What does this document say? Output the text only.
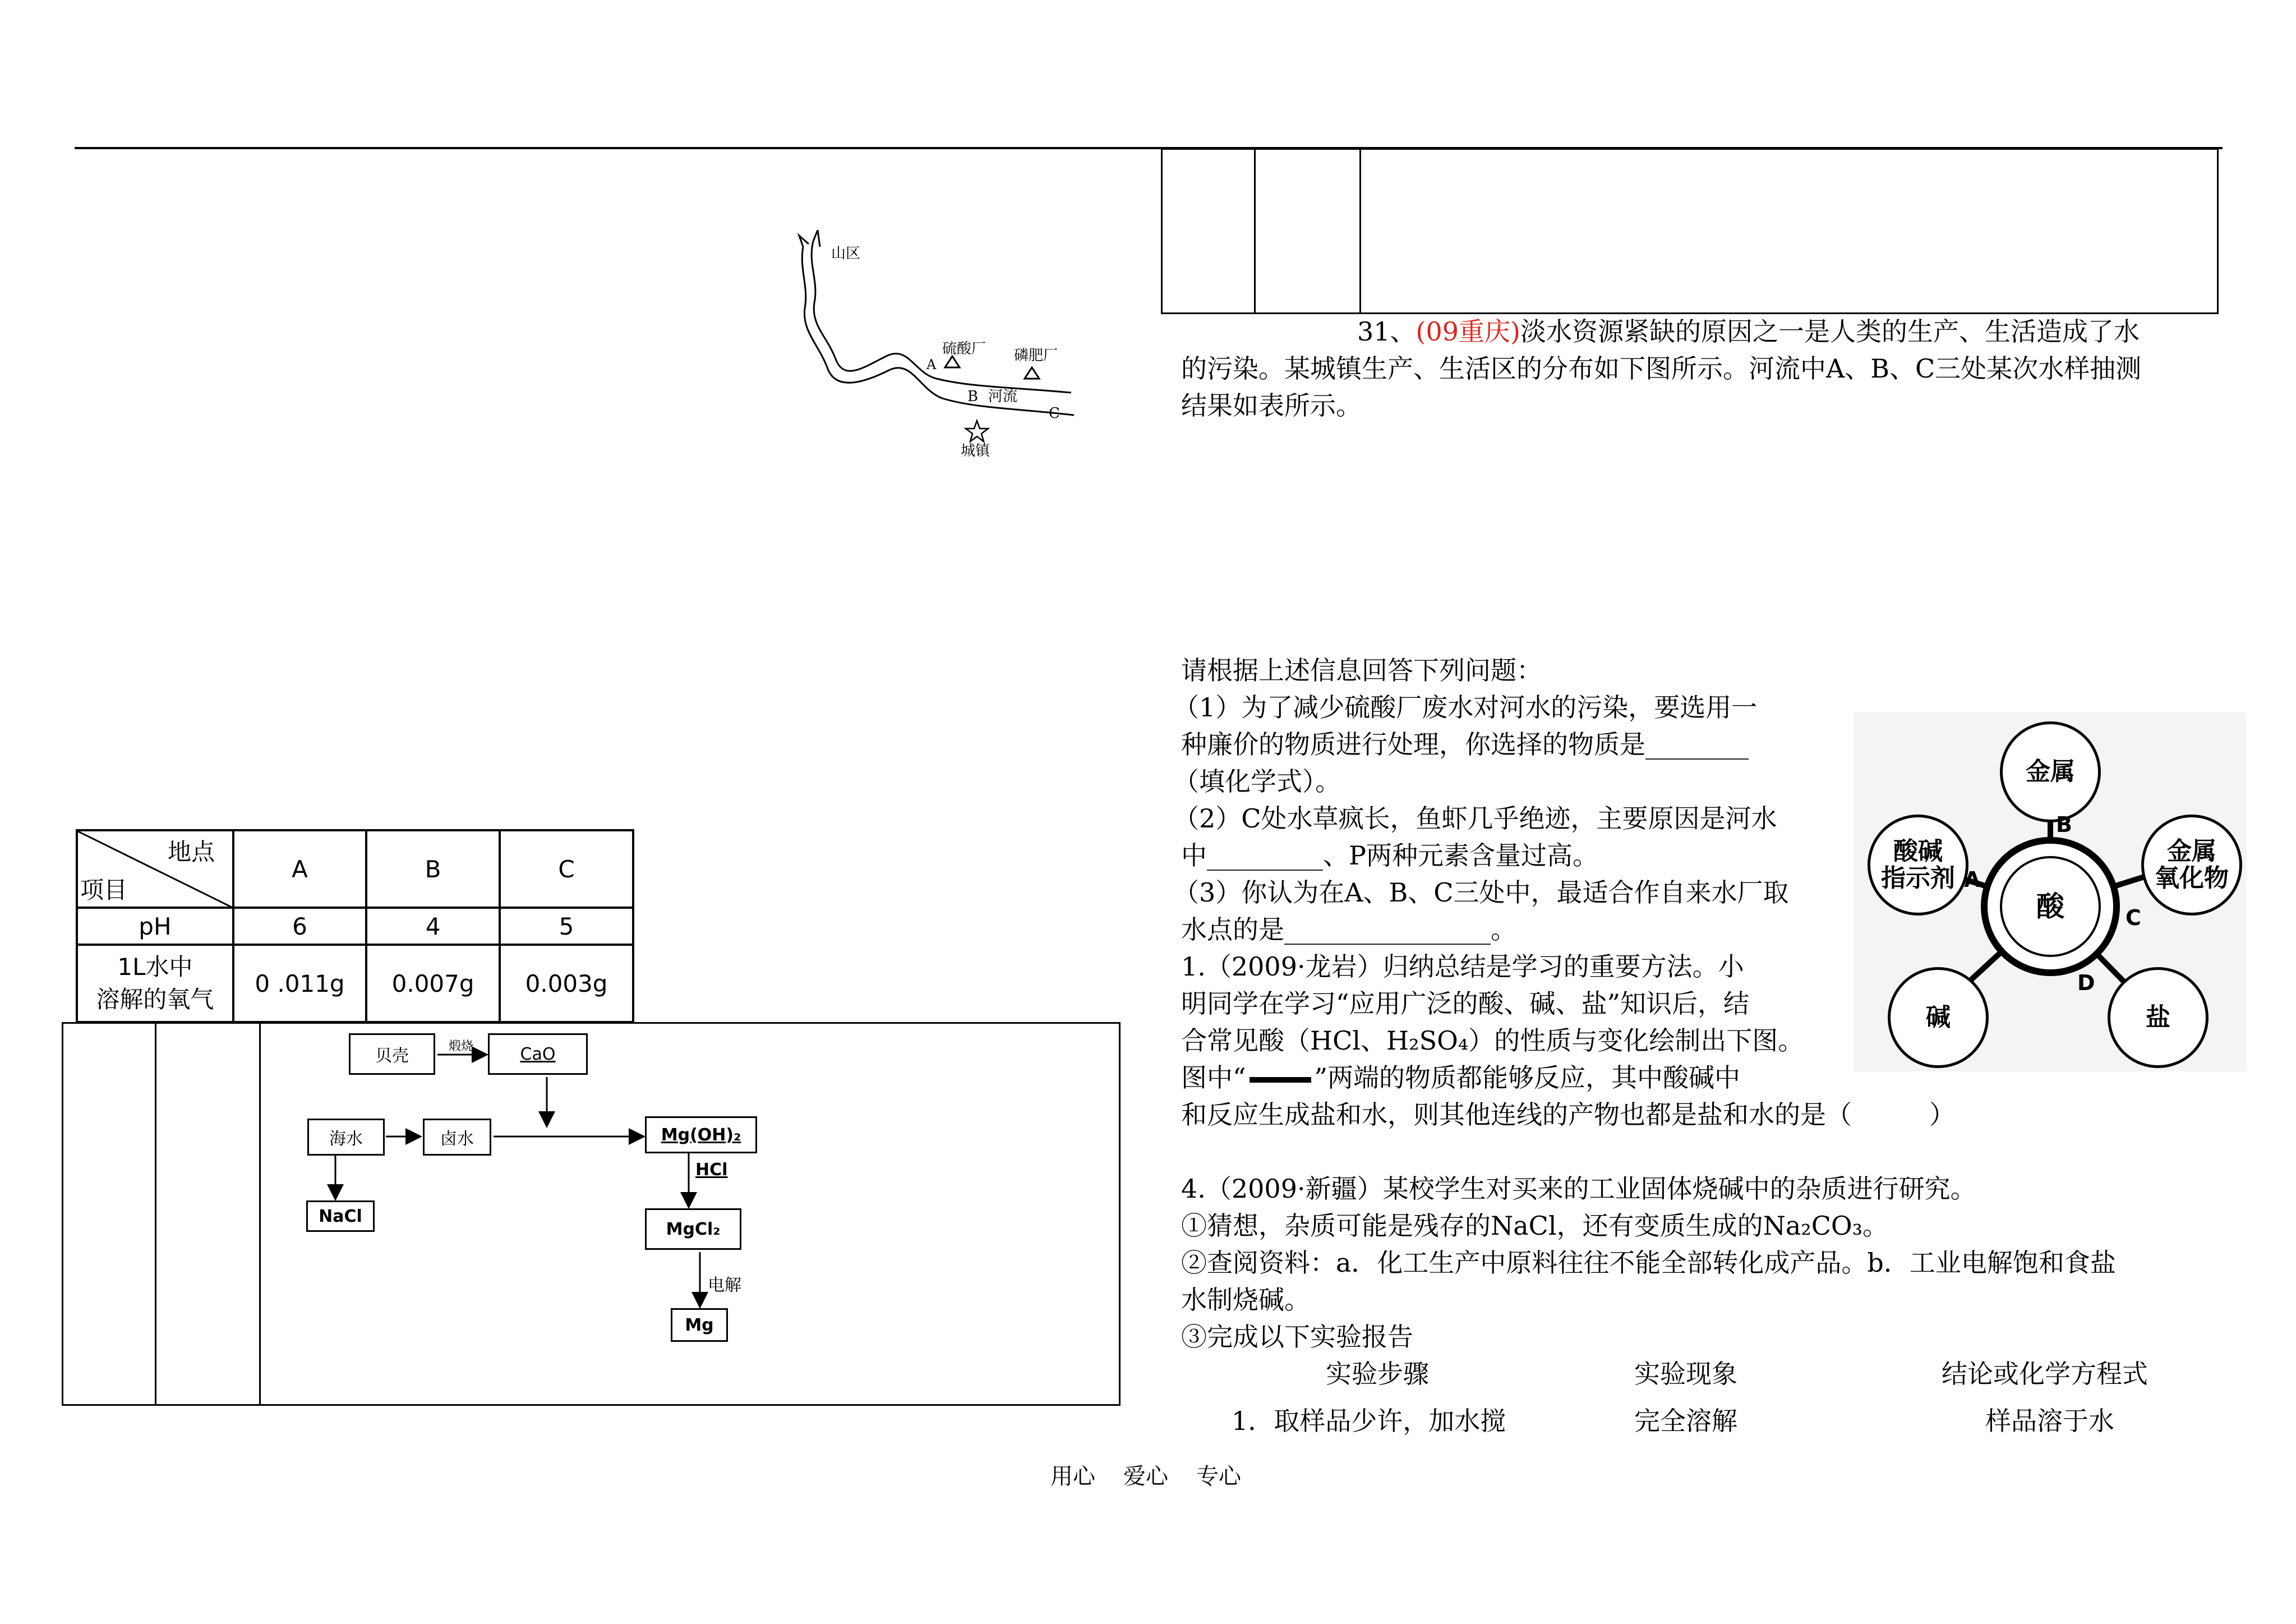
31、(09重庆)淡水资源紧缺的原因之一是人类的生产、生活造成了水
的污染。某城镇生产、生活区的分布如下图所示。河流中A、B、C三处某次水样抽测
结果如表所示。
请根据上述信息回答下列问题：
（1）为了减少硫酸厂废水对河水的污染，要选用一
种廉价的物质进行处理，你选择的物质是________
（填化学式）。
（2）C处水草疯长，鱼虾几乎绝迹，主要原因是河水
中_________、P两种元素含量过高。
（3）你认为在A、B、C三处中，最适合作自来水厂取
水点的是________________。
1.（2009·龙岩）归纳总结是学习的重要方法。小
明同学在学习“应用广泛的酸、碱、盐”知识后，结
合常见酸（HCl、H₂SO₄）的性质与变化绘制出下图。
图中“	”两端的物质都能够反应，其中酸碱中
和反应生成盐和水，则其他连线的产物也都是盐和水的是（　　　）
4.（2009·新疆）某校学生对买来的工业固体烧碱中的杂质进行研究。
①猜想，杂质可能是残存的NaCl，还有变质生成的Na₂CO₃。
②查阅资料：a．化工生产中原料往往不能全部转化成产品。b．工业电解饱和食盐
水制烧碱。
③完成以下实验报告
实验步骤	实验现象	结论或化学方程式
1．取样品少许，加水搅	完全溶解	样品溶于水
用心 爱心 专心
山区
硫酸厂
A
磷肥厂
B 河流
C
城镇
地点
项目	A	B	C
pH	6	4	5

1L水中
溶解的氧气	0 .011g	0.007g	0.003g
贝壳	煅烧	CaO
海水	卤水	Mg(OH)₂
HCl
NaCl
MgCl₂
电解
Mg
酸
金属
酸碱
指示剂
金属
氧化物
碱	盐
A
B
C
D
